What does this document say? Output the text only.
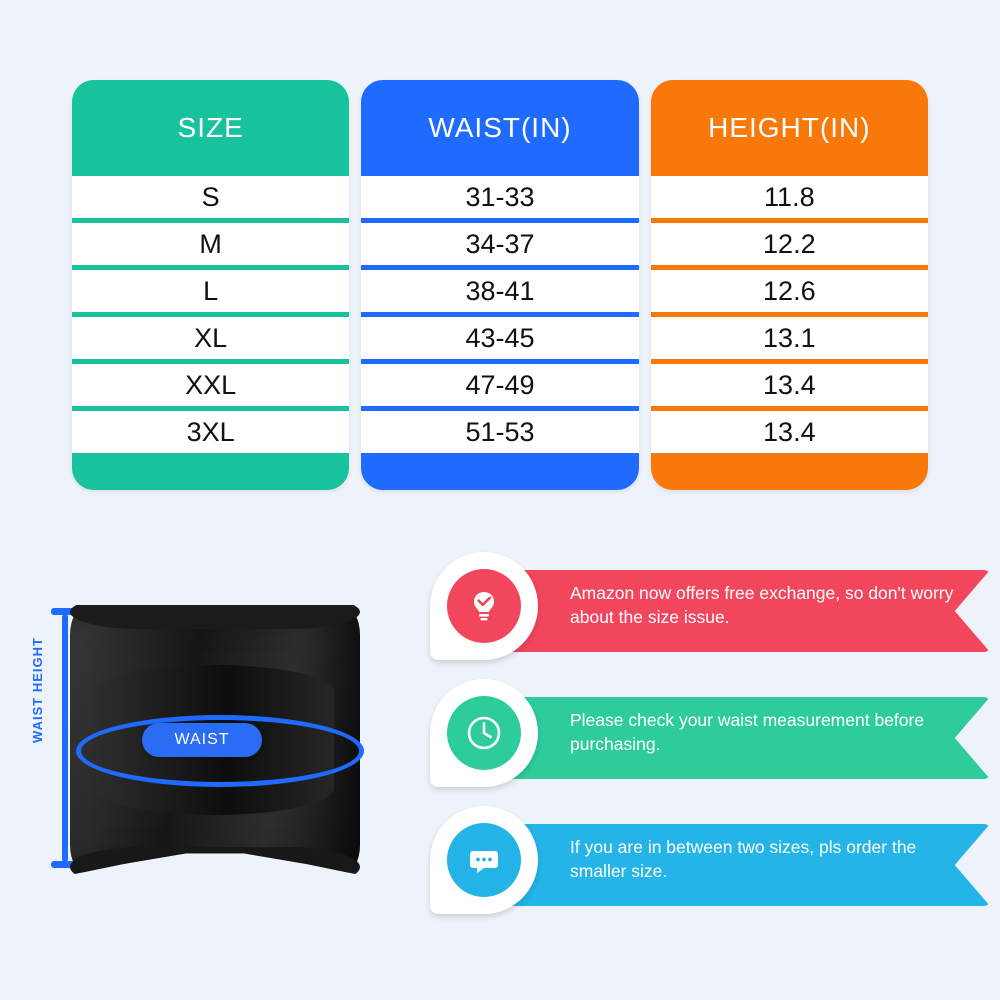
SIZE
S
M
L
XL
XXL
3XL
WAIST(IN)
31-33
34-37
38-41
43-45
47-49
51-53
HEIGHT(IN)
11.8
12.2
12.6
13.1
13.4
13.4
WAIST HEIGHT	WAIST
Amazon now offers free exchange, so don't worry about the size issue.
Please check your waist measurement before purchasing.
If you are in between two sizes, pls order the smaller size.
